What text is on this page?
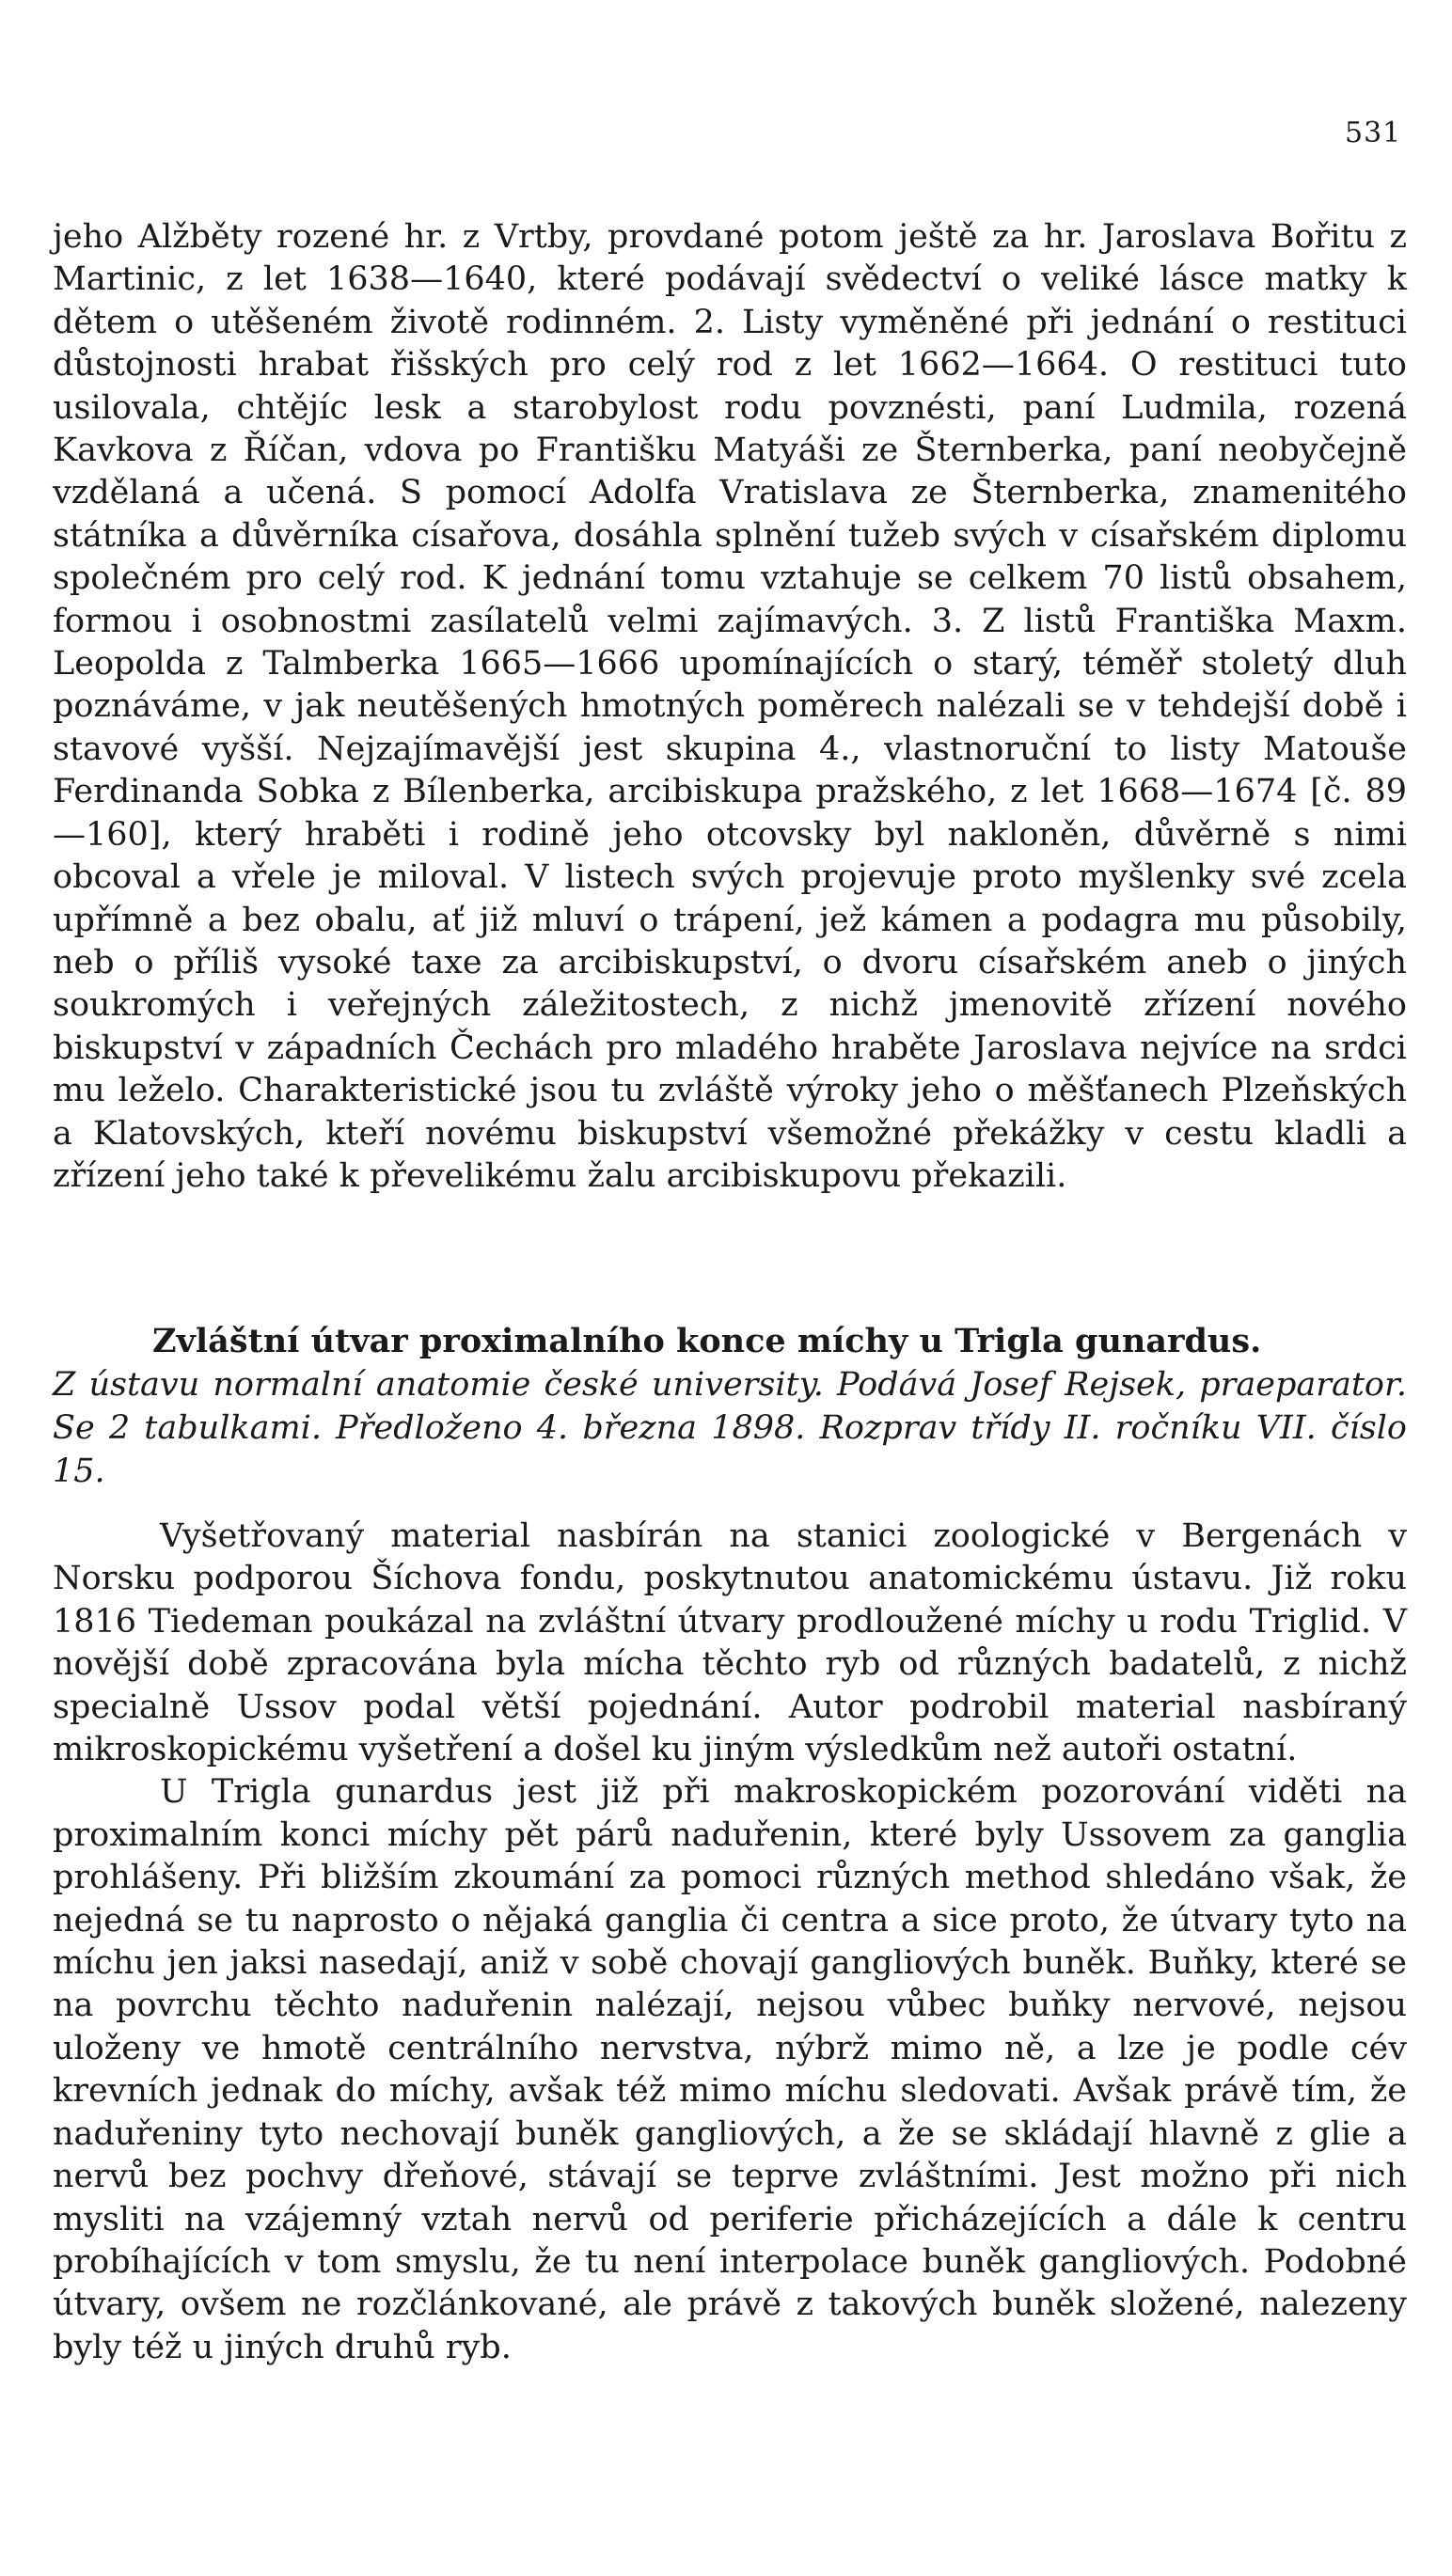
531

jeho Alžběty rozené hr. z Vrtby, provdané potom ještě za hr. Jaroslava Bořitu z Martinic, z let 1638—1640, které podávají svědectví o veliké lásce matky k dětem o utěšeném životě rodinném. 2. Listy vyměněné při jednání o restituci důstojnosti hrabat řišských pro celý rod z let 1662—1664. O restituci tuto usilovala, chtějíc lesk a starobylost rodu povznésti, paní Ludmila, rozená Kavkova z Říčan, vdova po Františku Matyáši ze Šternberka, paní neobyčejně vzdělaná a učená. S pomocí Adolfa Vratislava ze Šternberka, znamenitého státníka a důvěrníka císařova, dosáhla splnění tužeb svých v císařském diplomu společném pro celý rod. K jednání tomu vztahuje se celkem 70 listů obsahem, formou i osobnostmi zasílatelů velmi zajímavých. 3. Z listů Františka Maxm. Leopolda z Talmberka 1665—1666 upomínajících o starý, téměř stoletý dluh poznáváme, v jak neutěšených hmotných poměrech nalézali se v tehdejší době i stavové vyšší. Nejzajímavější jest skupina 4., vlastnoruční to listy Matouše Ferdinanda Sobka z Bílenberka, arcibiskupa pražského, z let 1668—1674 [č. 89—160], který hraběti i rodině jeho otcovsky byl nakloněn, důvěrně s nimi obcoval a vřele je miloval. V listech svých projevuje proto myšlenky své zcela upřímně a bez obalu, ať již mluví o trápení, jež kámen a podagra mu působily, neb o příliš vysoké taxe za arcibiskupství, o dvoru císařském aneb o jiných soukromých i veřejných záležitostech, z nichž jmenovitě zřízení nového biskupství v západních Čechách pro mladého hraběte Jaroslava nejvíce na srdci mu leželo. Charakteristické jsou tu zvláště výroky jeho o měšťanech Plzeňských a Klatovských, kteří novému biskupství všemožné překážky v cestu kladli a zřízení jeho také k převelikému žalu arcibiskupovu překazili.

Zvláštní útvar proximalního konce míchy u Trigla gunardus.

Z ústavu normalní anatomie české university. Podává Josef Rejsek, praeparator. Se 2 tabulkami. Předloženo 4. března 1898. Rozprav třídy II. ročníku VII. číslo 15.

Vyšetřovaný material nasbírán na stanici zoologické v Bergenách v Norsku podporou Šíchova fondu, poskytnutou anatomickému ústavu. Již roku 1816 Tiedeman poukázal na zvláštní útvary prodloužené míchy u rodu Triglid. V novější době zpracována byla mícha těchto ryb od různých badatelů, z nichž specialně Ussov podal větší pojednání. Autor podrobil material nasbíraný mikroskopickému vyšetření a došel ku jiným výsledkům než autoři ostatní.

U Trigla gunardus jest již při makroskopickém pozorování viděti na proximalním konci míchy pět párů naduřenin, které byly Ussovem za ganglia prohlášeny. Při bližším zkoumání za pomoci různých method shledáno však, že nejedná se tu naprosto o nějaká ganglia či centra a sice proto, že útvary tyto na míchu jen jaksi nasedají, aniž v sobě chovají gangliových buněk. Buňky, které se na povrchu těchto naduřenin nalézají, nejsou vůbec buňky nervové, nejsou uloženy ve hmotě centrálního nervstva, nýbrž mimo ně, a lze je podle cév krevních jednak do míchy, avšak též mimo míchu sledovati. Avšak právě tím, že naduřeniny tyto nechovají buněk gangliových, a že se skládají hlavně z glie a nervů bez pochvy dřeňové, stávají se teprve zvláštními. Jest možno při nich mysliti na vzájemný vztah nervů od periferie přicházejících a dále k centru probíhajících v tom smyslu, že tu není interpolace buněk gangliových. Podobné útvary, ovšem ne rozčlánkované, ale právě z takových buněk složené, nalezeny byly též u jiných druhů ryb.
